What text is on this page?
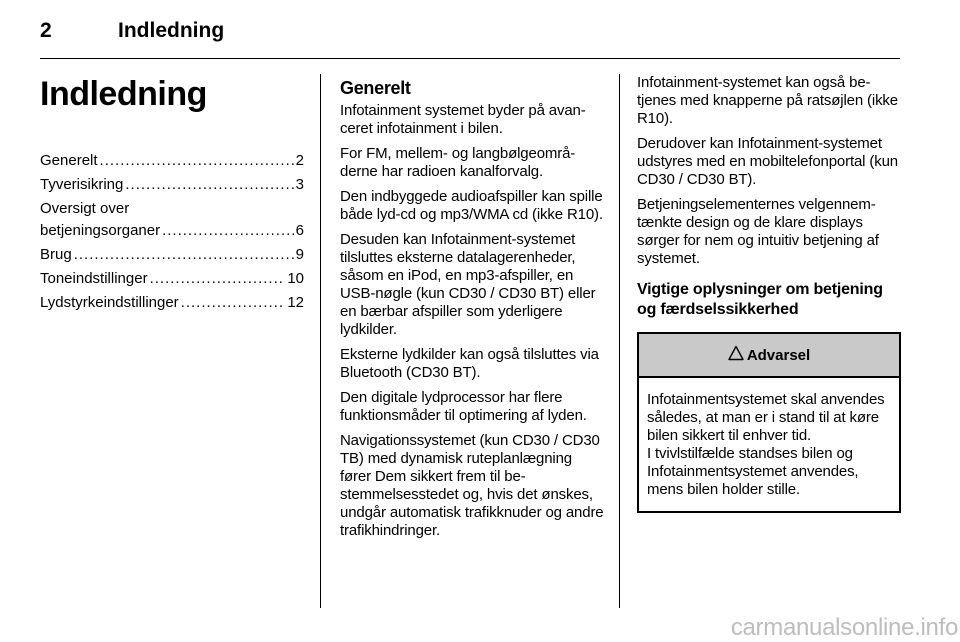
2	Indledning
Indledning
Generelt .....	2
Tyverisikring .....	3
Oversigt over
betjeningsorganer .....	6
Brug .....	9
Toneindstillinger .....	10
Lydstyrkeindstillinger .....	12
Generelt

Infotainment systemet byder på avanceret infotainment i bilen.

For FM, mellem- og langbølgeområderne har radioen kanalforvalg.

Den indbyggede audioafspiller kan spille både lyd-cd og mp3/WMA cd (ikke R10).

Desuden kan Infotainment-systemet tilsluttes eksterne datalagerenheder, såsom en iPod, en mp3-afspiller, en USB-nøgle (kun CD30 / CD30 BT) eller en bærbar afspiller som yderligere lydkilder.

Eksterne lydkilder kan også tilsluttes via Bluetooth (CD30 BT).

Den digitale lydprocessor har flere funktionsmåder til optimering af lyden.

Navigationssystemet (kun CD30 / CD30 TB) med dynamisk ruteplanlægning fører Dem sikkert frem til bestemmelsesstedet og, hvis det ønskes, undgår automatisk trafikknuder og andre trafikhindringer.

Infotainment-systemet kan også betjenes med knapperne på ratsøjlen (ikke R10).

Derudover kan Infotainment-systemet udstyres med en mobiltelefonportal (kun CD30 / CD30 BT).

Betjeningselementernes velgennemtænkte design og de klare displays sørger for nem og intuitiv betjening af systemet.

Vigtige oplysninger om betjening og færdselssikkerhed
Advarsel

Infotainmentsystemet skal anvendes således, at man er i stand til at køre bilen sikkert til enhver tid.

I tvivlstilfælde standses bilen og Infotainmentsystemet anvendes, mens bilen holder stille.

carmanualsonline.info
